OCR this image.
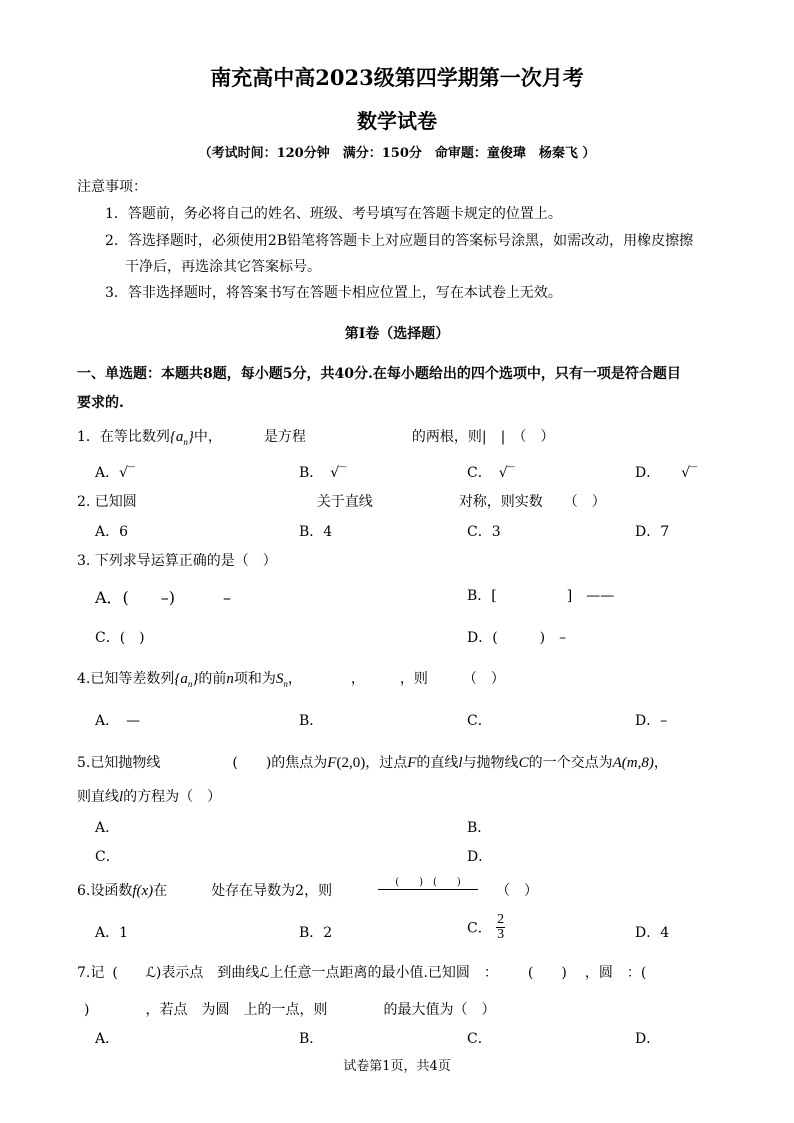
南充高中高2023级第四学期第一次月考
数学试卷
（考试时间：120分钟　满分：150分　命审题：童俊瑋　杨秦飞 ）
注意事项：
1．答题前，务必将自己的姓名、班级、考号填写在答题卡规定的位置上。
2．答选择题时，必须使用2B铅笔将答题卡上对应题目的答案标号涂黑，如需改动，用橡皮擦擦
干净后，再选涂其它答案标号。
3．答非选择题时，将答案书写在答题卡相应位置上，写在本试卷上无效。
第Ⅰ卷（选择题）
一、单选题：本题共8题，每小题5分，共40分.在每小题给出的四个选项中，只有一项是符合题目
要求的.
1．在等比数列$\{a_n\}$中，	是方程	的两根，则|　|　（　）
A．√‾	B．　√‾	C．　√‾	D．　　√‾
2. 已知圆	关于直线	对称，则实数　　（　）
A．6	B．4	C．3	D．7
3. 下列求导运算正确的是（　）
A．(　　–)　　　–	B．[　　　　　]　——
C．(　)	D．(　　　)　–
4.已知等差数列$\{a_n\}$的前n项和为$S_n$，　　　　，　　　，则　　　（　）
A．　—	B．	C．	D．–
5.已知抛物线	(　　)的焦点为F(2,0)，过点F的直线l与抛物线C的一个交点为A(m,8)，
则直线l的方程为（　）
A．	B．
C．	D．
6.设函数f(x)在	处存在导数为2，则
(　　)　(　　)
（　）
A．1	B．2	C． $\frac{2}{3}$	D．4
7.记 (　　ℒ)表示点　到曲线ℒ上任意一点距离的最小值.已知圆　： (　　) ，圆　：(
)　　　　，若点　为圆　上的一点，则　　　　的最大值为（　）
A．	B．	C．	D．
试卷第1页，共4页
